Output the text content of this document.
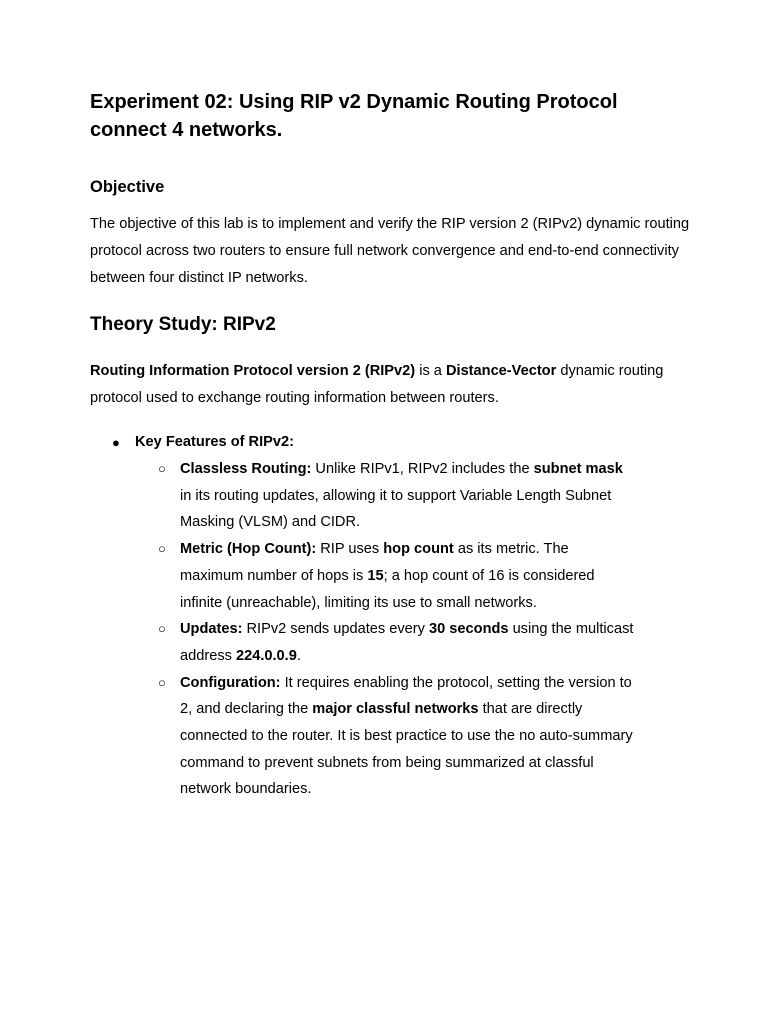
Experiment 02: Using RIP v2 Dynamic Routing Protocol connect 4 networks.
Objective

The objective of this lab is to implement and verify the RIP version 2 (RIPv2) dynamic routing protocol across two routers to ensure full network convergence and end-to-end connectivity between four distinct IP networks.

Theory Study: RIPv2

Routing Information Protocol version 2 (RIPv2) is a Distance-Vector dynamic routing protocol used to exchange routing information between routers.

● Key Features of RIPv2:
○ Classless Routing: Unlike RIPv1, RIPv2 includes the subnet mask in its routing updates, allowing it to support Variable Length Subnet Masking (VLSM) and CIDR.
○ Metric (Hop Count): RIP uses hop count as its metric. The maximum number of hops is 15; a hop count of 16 is considered infinite (unreachable), limiting its use to small networks.
○ Updates: RIPv2 sends updates every 30 seconds using the multicast address 224.0.0.9.
○ Configuration: It requires enabling the protocol, setting the version to 2, and declaring the major classful networks that are directly connected to the router. It is best practice to use the no auto-summary command to prevent subnets from being summarized at classful network boundaries.
